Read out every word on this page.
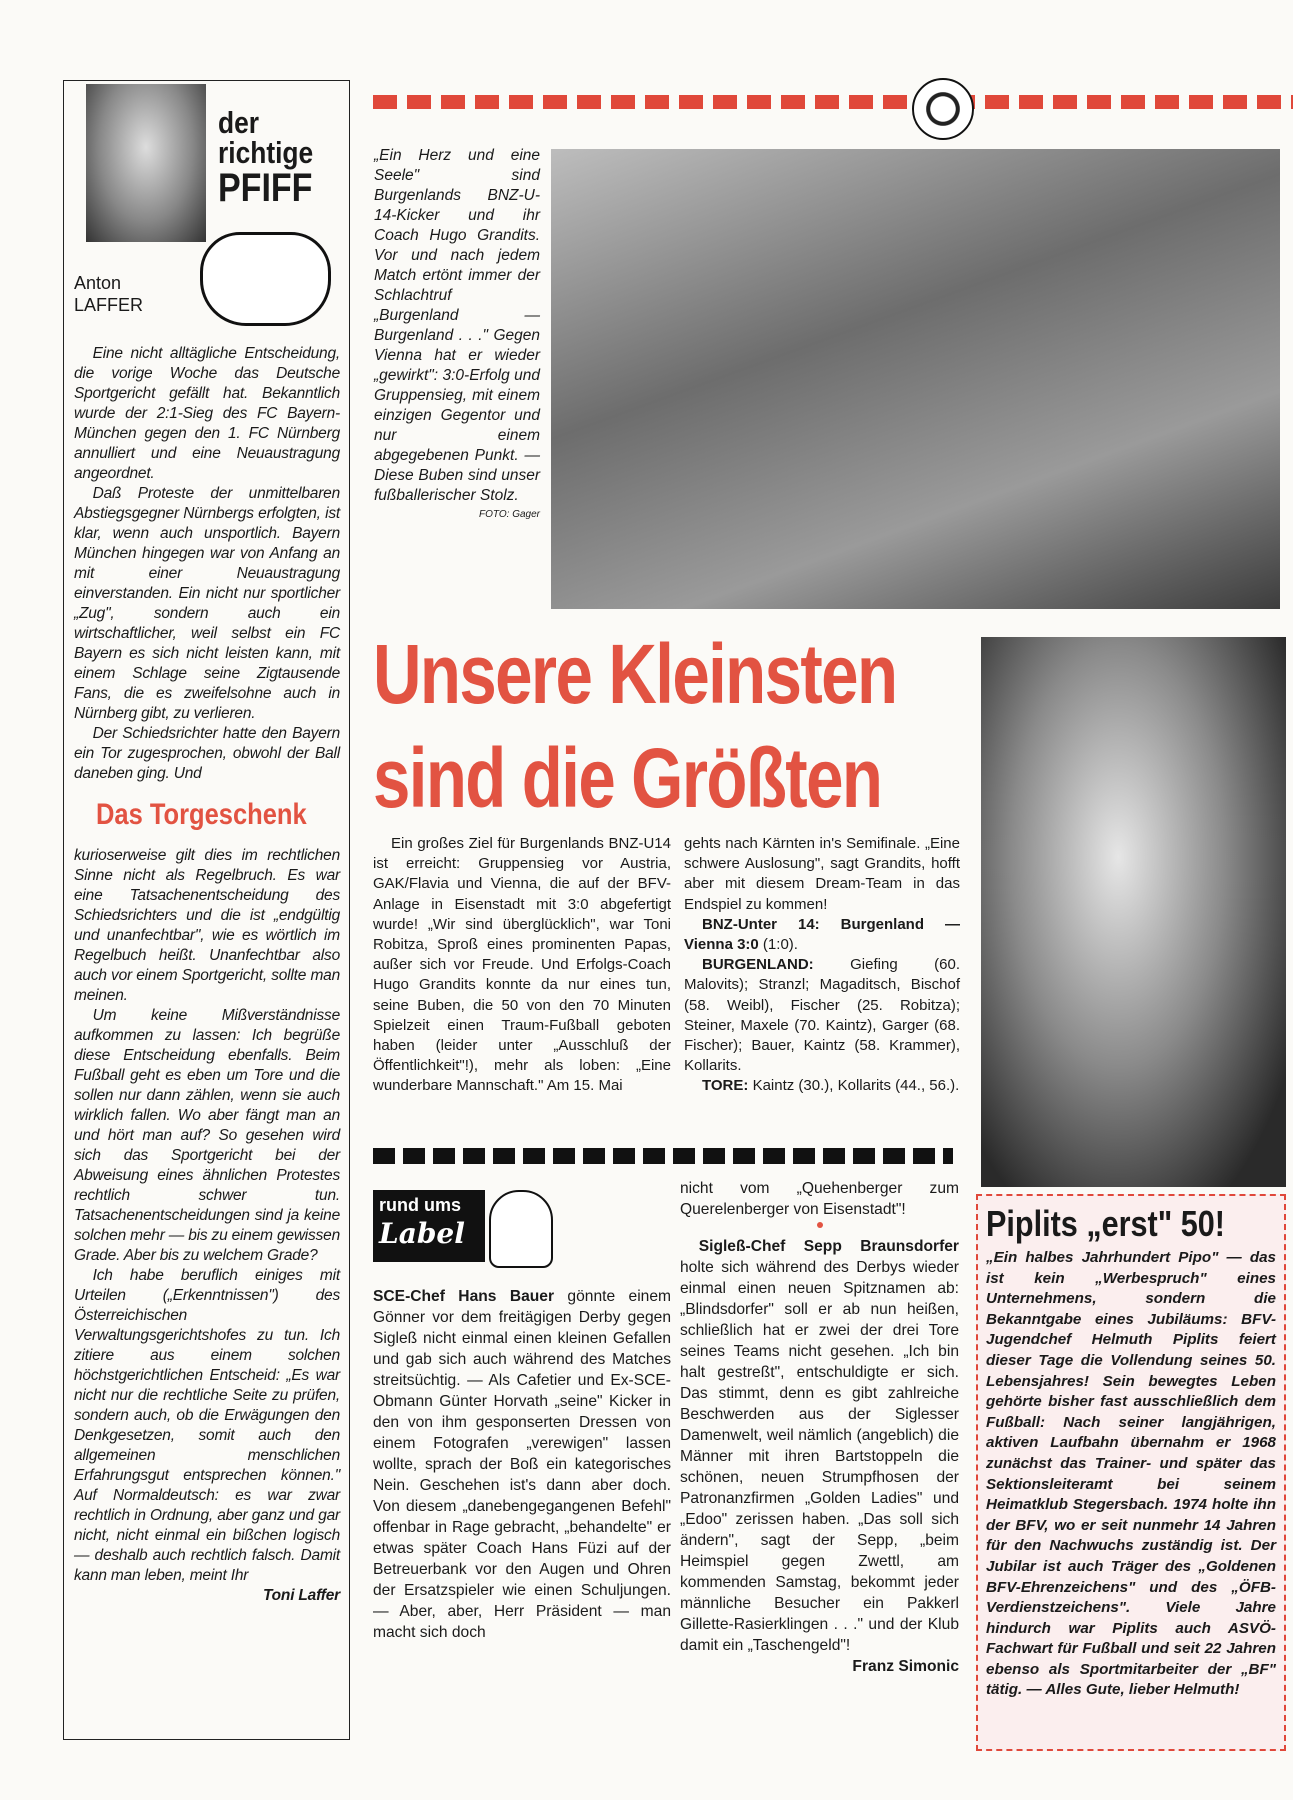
der
richtige
PFIFF
Anton
LAFFER

Eine nicht alltägliche Entscheidung, die vorige Woche das Deutsche Sportgericht gefällt hat. Bekanntlich wurde der 2:1-Sieg des FC Bayern-München gegen den 1. FC Nürnberg annulliert und eine Neuaustragung angeordnet.

Daß Proteste der unmittelbaren Abstiegsgegner Nürnbergs erfolgten, ist klar, wenn auch unsportlich. Bayern München hingegen war von Anfang an mit einer Neuaustragung einverstanden. Ein nicht nur sportlicher „Zug", sondern auch ein wirtschaftlicher, weil selbst ein FC Bayern es sich nicht leisten kann, mit einem Schlage seine Zigtausende Fans, die es zweifelsohne auch in Nürnberg gibt, zu verlieren.

Der Schiedsrichter hatte den Bayern ein Tor zugesprochen, obwohl der Ball daneben ging. Und

Das Torgeschenk

kurioserweise gilt dies im rechtlichen Sinne nicht als Regelbruch. Es war eine Tatsachenentscheidung des Schiedsrichters und die ist „endgültig und unanfechtbar", wie es wörtlich im Regelbuch heißt. Unanfechtbar also auch vor einem Sportgericht, sollte man meinen.

Um keine Mißverständnisse aufkommen zu lassen: Ich begrüße diese Entscheidung ebenfalls. Beim Fußball geht es eben um Tore und die sollen nur dann zählen, wenn sie auch wirklich fallen. Wo aber fängt man an und hört man auf? So gesehen wird sich das Sportgericht bei der Abweisung eines ähnlichen Protestes rechtlich schwer tun. Tatsachenentscheidungen sind ja keine solchen mehr — bis zu einem gewissen Grade. Aber bis zu welchem Grade?

Ich habe beruflich einiges mit Urteilen („Erkenntnissen") des Österreichischen Verwaltungsgerichtshofes zu tun. Ich zitiere aus einem solchen höchstgerichtlichen Entscheid: „Es war nicht nur die rechtliche Seite zu prüfen, sondern auch, ob die Erwägungen den Denkgesetzen, somit auch den allgemeinen menschlichen Erfahrungsgut entsprechen können." Auf Normaldeutsch: es war zwar rechtlich in Ordnung, aber ganz und gar nicht, nicht einmal ein bißchen logisch — deshalb auch rechtlich falsch. Damit kann man leben, meint Ihr

Toni Laffer
„Ein Herz und eine Seele" sind Burgenlands BNZ-U-14-Kicker und ihr Coach Hugo Grandits. Vor und nach jedem Match ertönt immer der Schlachtruf „Burgenland — Burgenland . . ." Gegen Vienna hat er wieder „gewirkt": 3:0-Erfolg und Gruppensieg, mit einem einzigen Gegentor und nur einem abgegebenen Punkt. — Diese Buben sind unser fußballerischer Stolz.
FOTO: Gager
Unsere Kleinsten
sind die Größten

Ein großes Ziel für Burgenlands BNZ-U14 ist erreicht: Gruppensieg vor Austria, GAK/Flavia und Vienna, die auf der BFV-Anlage in Eisenstadt mit 3:0 abgefertigt wurde! „Wir sind überglücklich", war Toni Robitza, Sproß eines prominenten Papas, außer sich vor Freude. Und Erfolgs-Coach Hugo Grandits konnte da nur eines tun, seine Buben, die 50 von den 70 Minuten Spielzeit einen Traum-Fußball geboten haben (leider unter „Ausschluß der Öffentlichkeit"!), mehr als loben: „Eine wunderbare Mannschaft." Am 15. Mai

gehts nach Kärnten in's Semifinale. „Eine schwere Auslosung", sagt Grandits, hofft aber mit diesem Dream-Team in das Endspiel zu kommen!

BNZ-Unter 14: Burgenland — Vienna 3:0 (1:0).

BURGENLAND: Giefing (60. Malovits); Stranzl; Magaditsch, Bischof (58. Weibl), Fischer (25. Robitza); Steiner, Maxele (70. Kaintz), Garger (68. Fischer); Bauer, Kaintz (58. Krammer), Kollarits.

TORE: Kaintz (30.), Kollarits (44., 56.).

rund ums
Label

SCE-Chef Hans Bauer gönnte einem Gönner vor dem freitägigen Derby gegen Sigleß nicht einmal einen kleinen Gefallen und gab sich auch während des Matches streitsüchtig. — Als Cafetier und Ex-SCE-Obmann Günter Horvath „seine" Kicker in den von ihm gesponserten Dressen von einem Fotografen „verewigen" lassen wollte, sprach der Boß ein kategorisches Nein. Geschehen ist's dann aber doch. Von diesem „danebengegangenen Befehl" offenbar in Rage gebracht, „behandelte" er etwas später Coach Hans Füzi auf der Betreuerbank vor den Augen und Ohren der Ersatzspieler wie einen Schuljungen. — Aber, aber, Herr Präsident — man macht sich doch

nicht vom „Quehenberger zum Querelenberger von Eisenstadt"!

Sigleß-Chef Sepp Braunsdorfer holte sich während des Derbys wieder einmal einen neuen Spitznamen ab: „Blindsdorfer" soll er ab nun heißen, schließlich hat er zwei der drei Tore seines Teams nicht gesehen. „Ich bin halt gestreßt", entschuldigte er sich. Das stimmt, denn es gibt zahlreiche Beschwerden aus der Siglesser Damenwelt, weil nämlich (angeblich) die Männer mit ihren Bartstoppeln die schönen, neuen Strumpfhosen der Patronanzfirmen „Golden Ladies" und „Edoo" zerissen haben. „Das soll sich ändern", sagt der Sepp, „beim Heimspiel gegen Zwettl, am kommenden Samstag, bekommt jeder männliche Besucher ein Pakkerl Gillette-Rasierklingen . . ." und der Klub damit ein „Taschengeld"!

Franz Simonic
Piplits „erst" 50!
„Ein halbes Jahrhundert Pipo" — das ist kein „Werbespruch" eines Unternehmens, sondern die Bekanntgabe eines Jubiläums: BFV-Jugendchef Helmuth Piplits feiert dieser Tage die Vollendung seines 50. Lebensjahres! Sein bewegtes Leben gehörte bisher fast ausschließlich dem Fußball: Nach seiner langjährigen, aktiven Laufbahn übernahm er 1968 zunächst das Trainer- und später das Sektionsleiteramt bei seinem Heimatklub Stegersbach. 1974 holte ihn der BFV, wo er seit nunmehr 14 Jahren für den Nachwuchs zuständig ist. Der Jubilar ist auch Träger des „Goldenen BFV-Ehrenzeichens" und des „ÖFB-Verdienstzeichens". Viele Jahre hindurch war Piplits auch ASVÖ-Fachwart für Fußball und seit 22 Jahren ebenso als Sportmitarbeiter der „BF" tätig. — Alles Gute, lieber Helmuth!
